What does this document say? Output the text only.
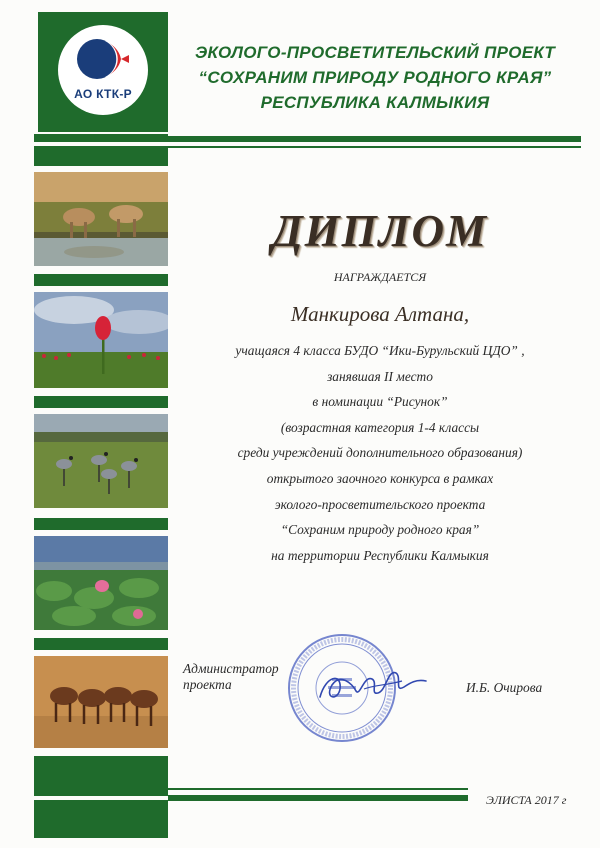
АО КТК-Р
ЭКОЛОГО-ПРОСВЕТИТЕЛЬСКИЙ ПРОЕКТ
“СОХРАНИМ ПРИРОДУ РОДНОГО КРАЯ”
РЕСПУБЛИКА КАЛМЫКИЯ
ДИПЛОМ
НАГРАЖДАЕТСЯ
Манкирова Алтана,
учащаяся 4 класса БУДО “Ики-Бурульский ЦДО” ,
занявшая II место
в номинации “Рисунок”
(возрастная категория 1-4 классы
среди учреждений дополнительного образования)
открытого заочного конкурса в рамках
эколого-просветительского проекта
“Сохраним природу родного края”
на территории Республики Калмыкия
Администратор
проекта	И.Б. Очирова
ЭЛИСТА 2017 г
